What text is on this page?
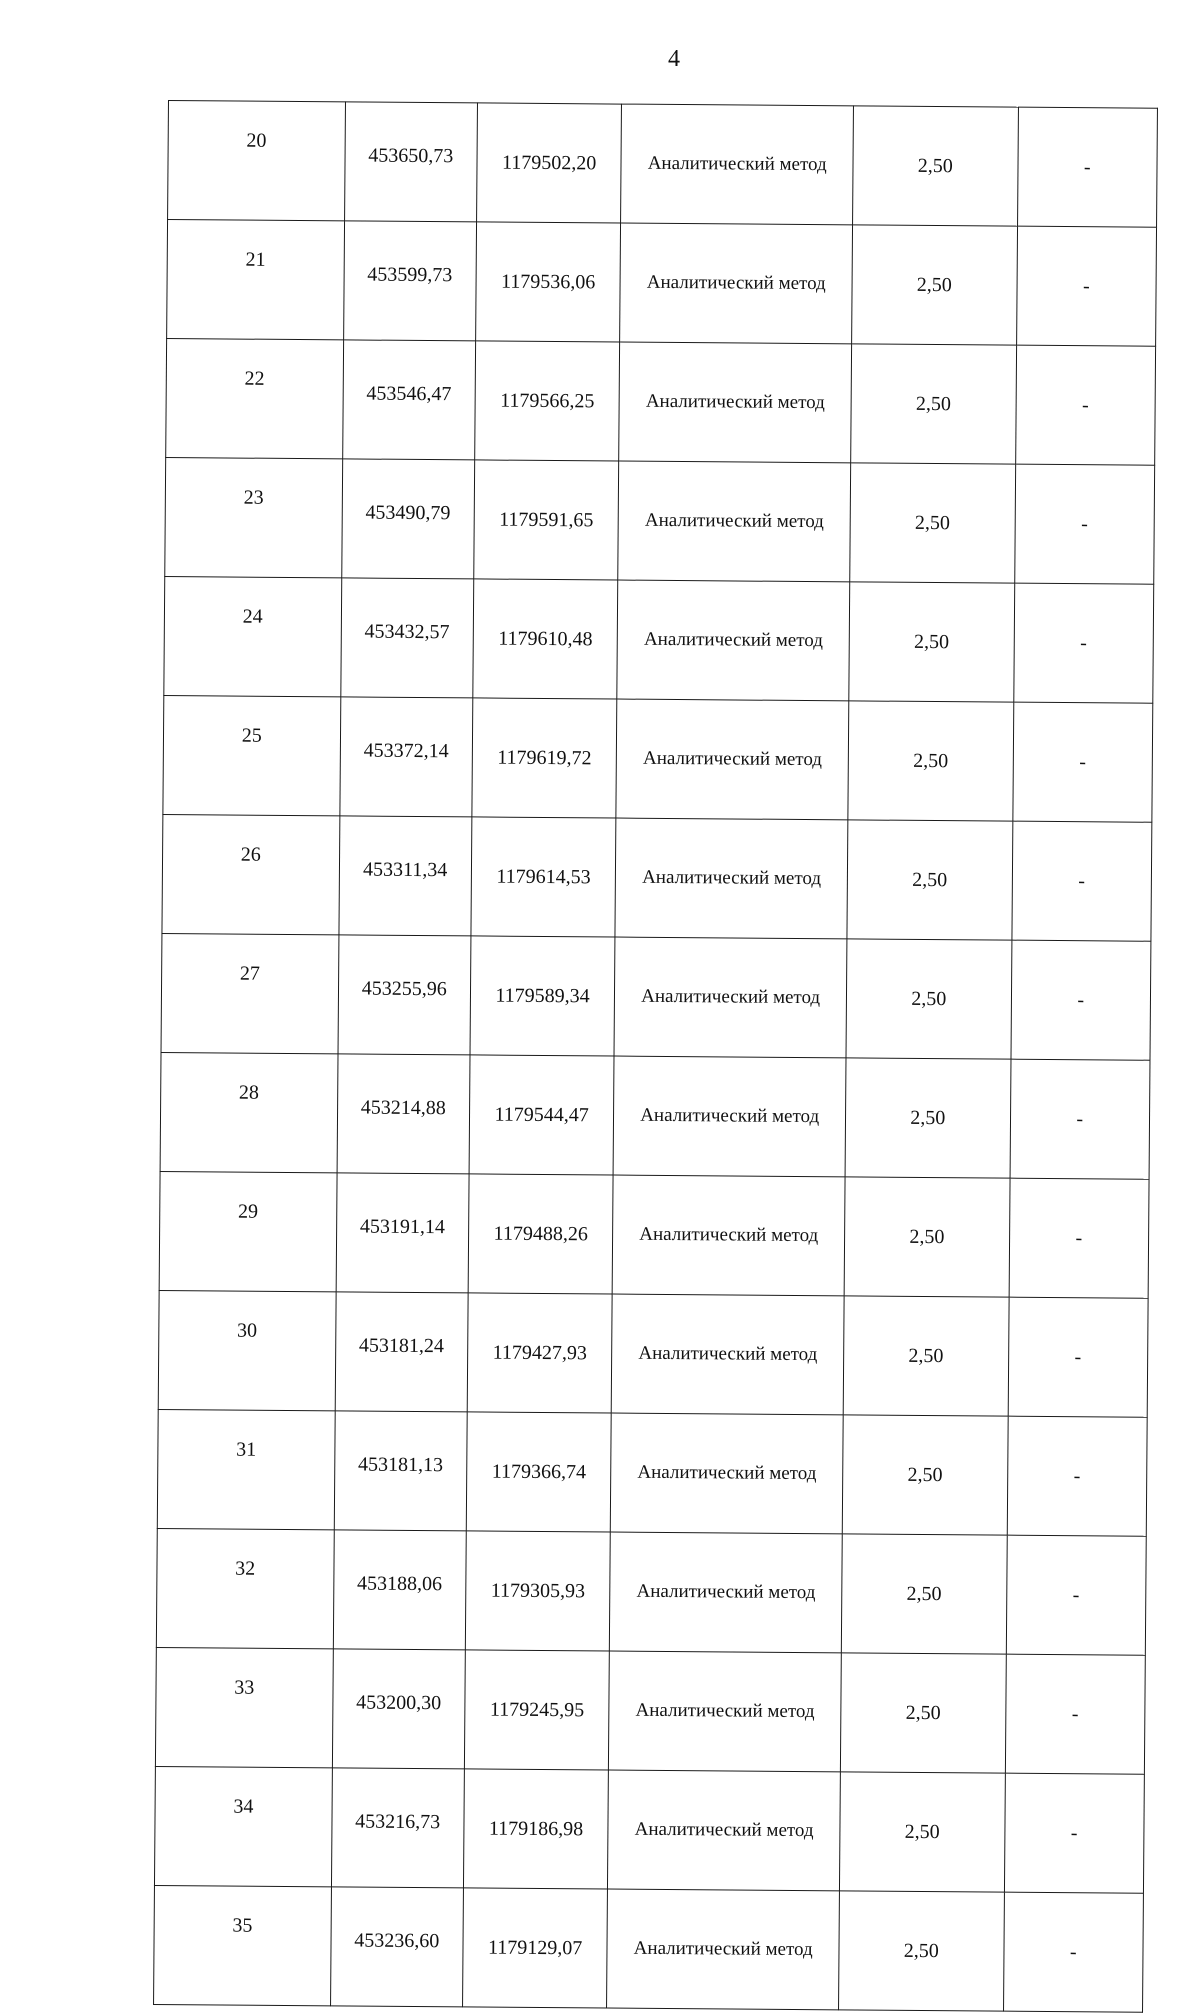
4
20	453650,73	1179502,20	Аналитический метод	2,50	-
21	453599,73	1179536,06	Аналитический метод	2,50	-
22	453546,47	1179566,25	Аналитический метод	2,50	-
23	453490,79	1179591,65	Аналитический метод	2,50	-
24	453432,57	1179610,48	Аналитический метод	2,50	-
25	453372,14	1179619,72	Аналитический метод	2,50	-
26	453311,34	1179614,53	Аналитический метод	2,50	-
27	453255,96	1179589,34	Аналитический метод	2,50	-
28	453214,88	1179544,47	Аналитический метод	2,50	-
29	453191,14	1179488,26	Аналитический метод	2,50	-
30	453181,24	1179427,93	Аналитический метод	2,50	-
31	453181,13	1179366,74	Аналитический метод	2,50	-
32	453188,06	1179305,93	Аналитический метод	2,50	-
33	453200,30	1179245,95	Аналитический метод	2,50	-
34	453216,73	1179186,98	Аналитический метод	2,50	-
35	453236,60	1179129,07	Аналитический метод	2,50	-
